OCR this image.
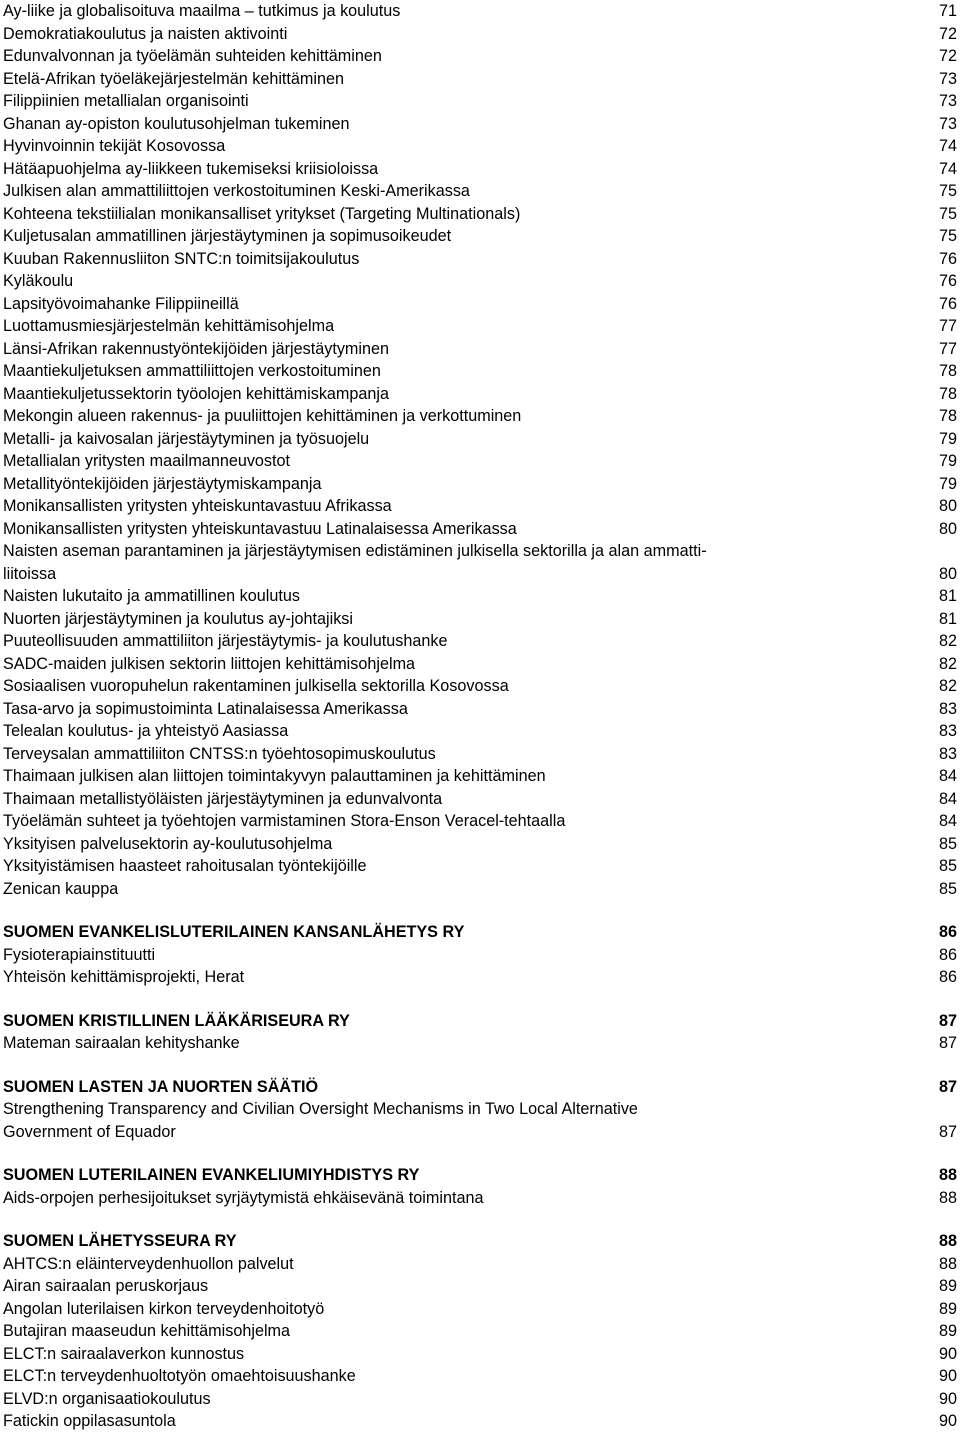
Ay-liike ja globalisoituva maailma – tutkimus ja koulutus	71
Demokratiakoulutus ja naisten aktivointi	72
Edunvalvonnan ja työelämän suhteiden kehittäminen	72
Etelä-Afrikan työeläkejärjestelmän kehittäminen	73
Filippiinien metallialan organisointi	73
Ghanan ay-opiston koulutusohjelman tukeminen	73
Hyvinvoinnin tekijät Kosovossa	74
Hätäapuohjelma ay-liikkeen tukemiseksi kriisioloissa	74
Julkisen alan ammattiliittojen verkostoituminen Keski-Amerikassa	75
Kohteena tekstiilialan monikansalliset yritykset (Targeting Multinationals)	75
Kuljetusalan ammatillinen järjestäytyminen ja sopimusoikeudet	75
Kuuban Rakennusliiton SNTC:n toimitsijakoulutus	76
Kyläkoulu	76
Lapsityövoimahanke Filippiineillä	76
Luottamusmiesjärjestelmän kehittämisohjelma	77
Länsi-Afrikan rakennustyöntekijöiden järjestäytyminen	77
Maantiekuljetuksen ammattiliittojen verkostoituminen	78
Maantiekuljetussektorin työolojen kehittämiskampanja	78
Mekongin alueen rakennus- ja puuliittojen kehittäminen ja verkottuminen	78
Metalli- ja kaivosalan järjestäytyminen ja työsuojelu	79
Metallialan yritysten maailmanneuvostot	79
Metallityöntekijöiden järjestäytymiskampanja	79
Monikansallisten yritysten yhteiskuntavastuu Afrikassa	80
Monikansallisten yritysten yhteiskuntavastuu Latinalaisessa Amerikassa	80
Naisten aseman parantaminen ja järjestäytymisen edistäminen julkisella sektorilla ja alan ammatti-
liitoissa	80
Naisten lukutaito ja ammatillinen koulutus	81
Nuorten järjestäytyminen ja koulutus ay-johtajiksi	81
Puuteollisuuden ammattiliiton järjestäytymis- ja koulutushanke	82
SADC-maiden julkisen sektorin liittojen kehittämisohjelma	82
Sosiaalisen vuoropuhelun rakentaminen julkisella sektorilla Kosovossa	82
Tasa-arvo ja sopimustoiminta Latinalaisessa Amerikassa	83
Telealan koulutus- ja yhteistyö Aasiassa	83
Terveysalan ammattiliiton CNTSS:n työehtosopimuskoulutus	83
Thaimaan julkisen alan liittojen toimintakyvyn palauttaminen ja kehittäminen	84
Thaimaan metallistyöläisten järjestäytyminen ja edunvalvonta	84
Työelämän suhteet ja työehtojen varmistaminen Stora-Enson Veracel-tehtaalla	84
Yksityisen palvelusektorin ay-koulutusohjelma	85
Yksityistämisen haasteet rahoitusalan työntekijöille	85
Zenican kauppa	85
SUOMEN EVANKELISLUTERILAINEN KANSANLÄHETYS RY	86
Fysioterapiainstituutti	86
Yhteisön kehittämisprojekti, Herat	86
SUOMEN KRISTILLINEN LÄÄKÄRISEURA RY	87
Mateman sairaalan kehityshanke	87
SUOMEN LASTEN JA NUORTEN SÄÄTIÖ	87
Strengthening Transparency and Civilian Oversight Mechanisms in Two Local Alternative
Government of Equador	87
SUOMEN LUTERILAINEN EVANKELIUMIYHDISTYS RY	88
Aids-orpojen perhesijoitukset syrjäytymistä ehkäisevänä toimintana	88
SUOMEN LÄHETYSSEURA RY	88
AHTCS:n eläinterveydenhuollon palvelut	88
Airan sairaalan peruskorjaus	89
Angolan luterilaisen kirkon terveydenhoitotyö	89
Butajiran maaseudun kehittämisohjelma	89
ELCT:n sairaalaverkon kunnostus	90
ELCT:n terveydenhuoltotyön omaehtoisuushanke	90
ELVD:n organisaatiokoulutus	90
Fatickin oppilasasuntola	90
